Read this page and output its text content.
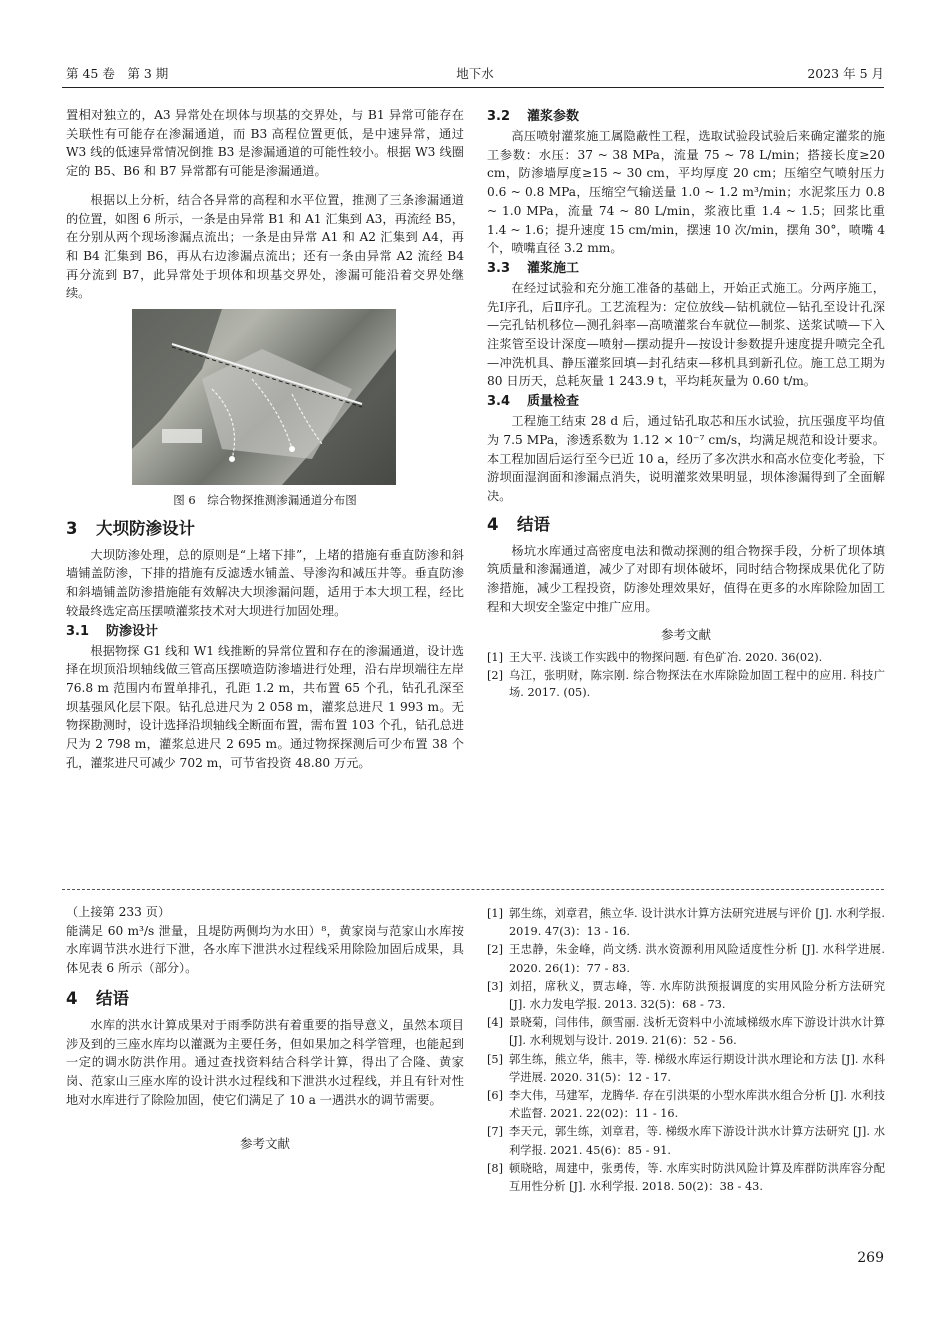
第 45 卷　第 3 期	地下水	2023 年 5 月

置相对独立的，A3 异常处在坝体与坝基的交界处，与 B1 异常可能存在关联性有可能存在渗漏通道，而 B3 高程位置更低，是中速异常，通过 W3 线的低速异常情况倒推 B3 是渗漏通道的可能性较小。根据 W3 线圈定的 B5、B6 和 B7 异常都有可能是渗漏通道。

根据以上分析，结合各异常的高程和水平位置，推测了三条渗漏通道的位置，如图 6 所示，一条是由异常 B1 和 A1 汇集到 A3，再流经 B5，在分别从两个现场渗漏点流出；一条是由异常 A1 和 A2 汇集到 A4，再和 B4 汇集到 B6，再从右边渗漏点流出；还有一条由异常 A2 流经 B4 再分流到 B7，此异常处于坝体和坝基交界处，渗漏可能沿着交界处继续。

图 6　综合物探推测渗漏通道分布图
3 大坝防渗设计

大坝防渗处理，总的原则是“上堵下排”，上堵的措施有垂直防渗和斜墙铺盖防渗，下排的措施有反滤透水铺盖、导渗沟和减压井等。垂直防渗和斜墙铺盖防渗措施能有效解决大坝渗漏问题，适用于本大坝工程，经比较最终选定高压摆喷灌浆技术对大坝进行加固处理。

3.1 防渗设计

根据物探 G1 线和 W1 线推断的异常位置和存在的渗漏通道，设计选择在坝顶沿坝轴线做三管高压摆喷造防渗墙进行处理，沿右岸坝端往左岸 76.8 m 范围内布置单排孔，孔距 1.2 m，共布置 65 个孔，钻孔孔深至坝基强风化层下限。钻孔总进尺为 2 058 m，灌浆总进尺 1 993 m。无物探勘测时，设计选择沿坝轴线全断面布置，需布置 103 个孔，钻孔总进尺为 2 798 m，灌浆总进尺 2 695 m。通过物探探测后可少布置 38 个孔，灌浆进尺可减少 702 m，可节省投资 48.80 万元。

3.2 灌浆参数

高压喷射灌浆施工属隐蔽性工程，选取试验段试验后来确定灌浆的施工参数：水压：37 ~ 38 MPa，流量 75 ~ 78 L/min；搭接长度≥20 cm，防渗墙厚度≥15 ~ 30 cm，平均厚度 20 cm；压缩空气喷射压力 0.6 ~ 0.8 MPa，压缩空气输送量 1.0 ~ 1.2 m³/min；水泥浆压力 0.8 ~ 1.0 MPa，流量 74 ~ 80 L/min，浆液比重 1.4 ~ 1.5；回浆比重 1.4 ~ 1.6；提升速度 15 cm/min，摆速 10 次/min，摆角 30°，喷嘴 4 个，喷嘴直径 3.2 mm。

3.3 灌浆施工

在经过试验和充分施工准备的基础上，开始正式施工。分两序施工，先Ⅰ序孔，后Ⅱ序孔。工艺流程为：定位放线—钻机就位—钻孔至设计孔深—完孔钻机移位—测孔斜率—高喷灌浆台车就位—制浆、送浆试喷—下入注浆管至设计深度—喷射—摆动提升—按设计参数提升速度提升喷完全孔—冲洗机具、静压灌浆回填—封孔结束—移机具到新孔位。施工总工期为 80 日历天，总耗灰量 1 243.9 t，平均耗灰量为 0.60 t/m。

3.4 质量检查

工程施工结束 28 d 后，通过钻孔取芯和压水试验，抗压强度平均值为 7.5 MPa，渗透系数为 1.12 × 10⁻⁷ cm/s，均满足规范和设计要求。本工程加固后运行至今已近 10 a，经历了多次洪水和高水位变化考验，下游坝面湿润面和渗漏点消失，说明灌浆效果明显，坝体渗漏得到了全面解决。

4 结语

杨坑水库通过高密度电法和微动探测的组合物探手段，分析了坝体填筑质量和渗漏通道，减少了对即有坝体破坏，同时结合物探成果优化了防渗措施，减少工程投资，防渗处理效果好，值得在更多的水库除险加固工程和大坝安全鉴定中推广应用。

参考文献
[1] 王大平. 浅谈工作实践中的物探问题. 有色矿冶. 2020. 36(02).
[2] 乌江，张明财，陈宗刚. 综合物探法在水库除险加固工程中的应用. 科技广场. 2017. (05).

（上接第 233 页）

能满足 60 m³/s 泄量，且堤防两侧均为水田）⁸，黄家岗与范家山水库按水库调节洪水进行下泄，各水库下泄洪水过程线采用除险加固后成果，具体见表 6 所示（部分）。

4 结语

水库的洪水计算成果对于雨季防洪有着重要的指导意义，虽然本项目涉及到的三座水库均以灌溉为主要任务，但如果加之科学管理，也能起到一定的调水防洪作用。通过查找资料结合科学计算，得出了合隆、黄家岗、范家山三座水库的设计洪水过程线和下泄洪水过程线，并且有针对性地对水库进行了除险加固，使它们满足了 10 a 一遇洪水的调节需要。

参考文献
[1] 郭生练，刘章君，熊立华. 设计洪水计算方法研究进展与评价 [J]. 水利学报. 2019. 47(3)：13 - 16.
[2] 王忠静，朱金峰，尚文绣. 洪水资源利用风险适度性分析 [J]. 水科学进展. 2020. 26(1)：77 - 83.
[3] 刘招，席秋义，贾志峰，等. 水库防洪预报调度的实用风险分析方法研究 [J]. 水力发电学报. 2013. 32(5)：68 - 73.
[4] 景晓菊，闫伟伟，颜雪丽. 浅析无资料中小流域梯级水库下游设计洪水计算 [J]. 水利规划与设计. 2019. 21(6)：52 - 56.
[5] 郭生练，熊立华，熊丰，等. 梯级水库运行期设计洪水理论和方法 [J]. 水科学进展. 2020. 31(5)：12 - 17.
[6] 李大伟，马建军，龙腾华. 存在引洪渠的小型水库洪水组合分析 [J]. 水利技术监督. 2021. 22(02)：11 - 16.
[7] 李天元，郭生练，刘章君，等. 梯级水库下游设计洪水计算方法研究 [J]. 水利学报. 2021. 45(6)：85 - 91.
[8] 顿晓晗，周建中，张勇传，等. 水库实时防洪风险计算及库群防洪库容分配互用性分析 [J]. 水利学报. 2018. 50(2)：38 - 43.
269
